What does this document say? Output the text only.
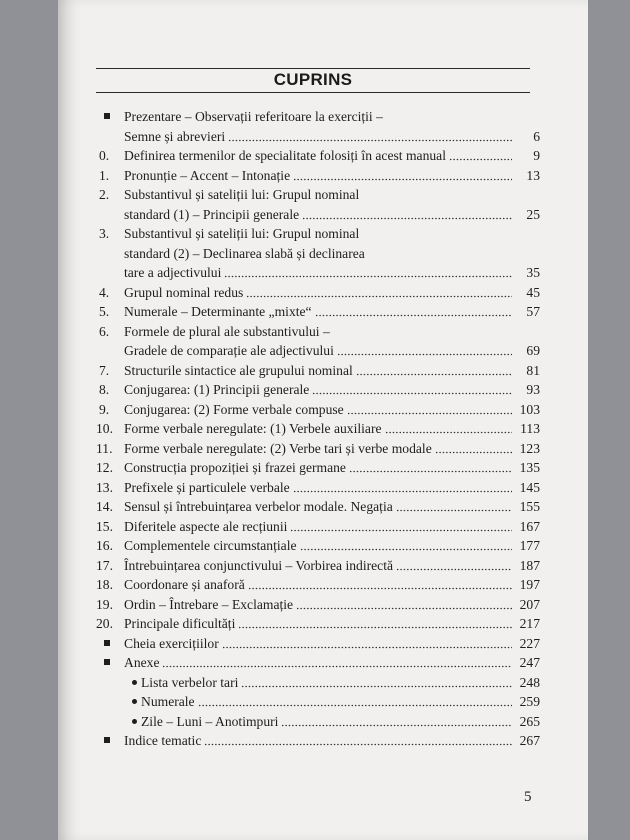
CUPRINS
Prezentare – Observații referitoare la exerciții –
Semne și abrevieri	6
0. Definirea termenilor de specialitate folosiți în acest manual	9
1. Pronunție – Accent – Intonație	13
2. Substantivul și sateliții lui: Grupul nominal
standard (1) – Principii generale	25
3. Substantivul și sateliții lui: Grupul nominal
standard (2) – Declinarea slabă și declinarea
tare a adjectivului	35
4. Grupul nominal redus	45
5. Numerale – Determinante „mixte“	57
6. Formele de plural ale substantivului –
Gradele de comparație ale adjectivului	69
7. Structurile sintactice ale grupului nominal	81
8. Conjugarea: (1) Principii generale	93
9. Conjugarea: (2) Forme verbale compuse	103
10. Forme verbale neregulate: (1) Verbele auxiliare	113
11. Forme verbale neregulate: (2) Verbe tari și verbe modale	123
12. Construcția propoziției și frazei germane	135
13. Prefixele și particulele verbale	145
14. Sensul și întrebuințarea verbelor modale. Negația	155
15. Diferitele aspecte ale recțiunii	167
16. Complementele circumstanțiale	177
17. Întrebuințarea conjunctivului – Vorbirea indirectă	187
18. Coordonare și anaforă	197
19. Ordin – Întrebare – Exclamație	207
20. Principale dificultăți	217
Cheia exercițiilor	227
Anexe	247
Lista verbelor tari	248
Numerale	259
Zile – Luni – Anotimpuri	265
Indice tematic	267
5
